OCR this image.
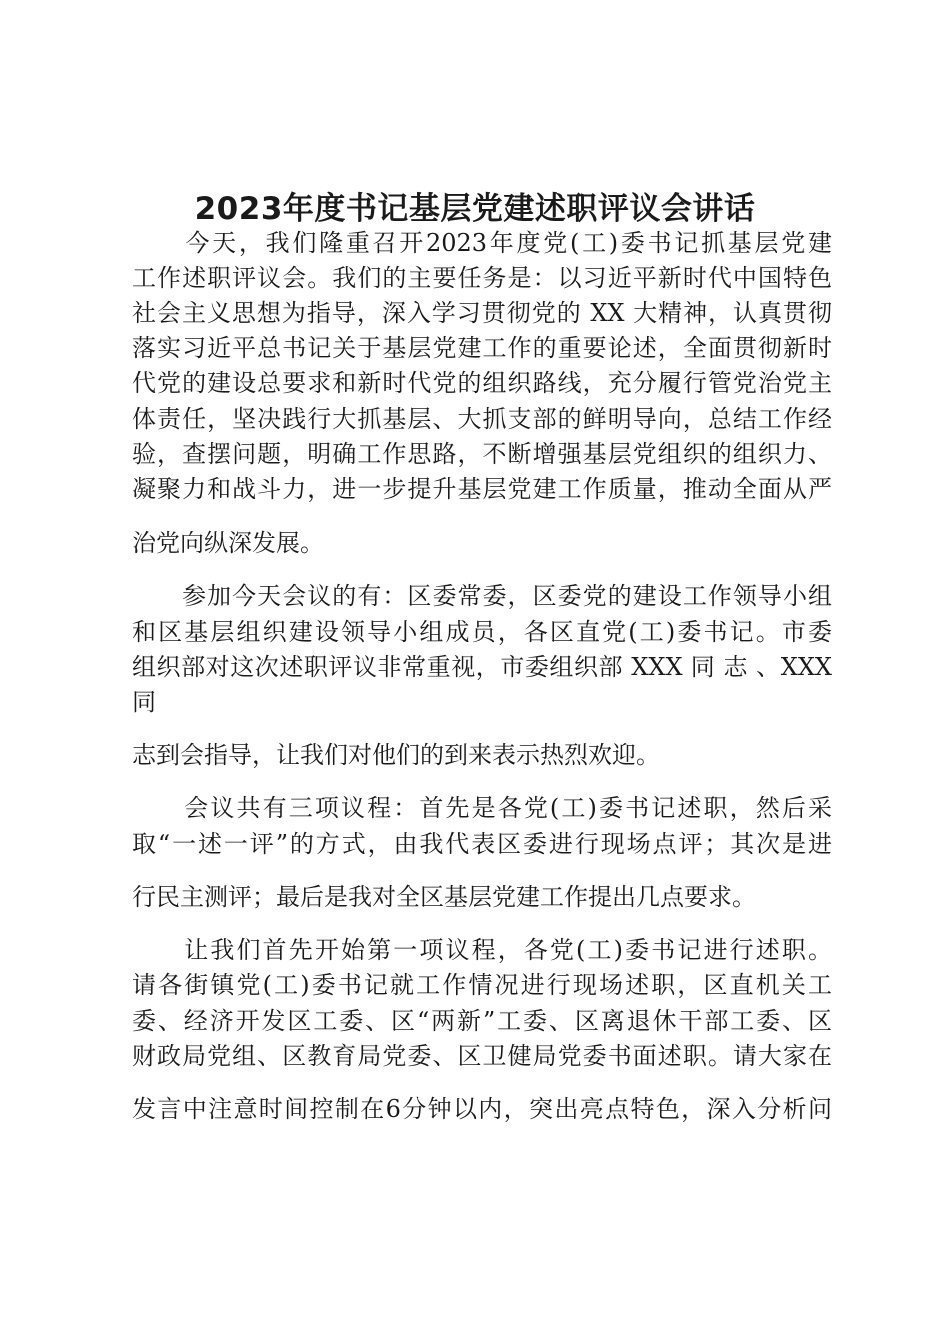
2023年度书记基层党建述职评议会讲话

　　今天，我们隆重召开2023年度党(工)委书记抓基层党建

工作述职评议会。我们的主要任务是：以习近平新时代中国特色

社会主义思想为指导，深入学习贯彻党的 XX 大精神，认真贯彻

落实习近平总书记关于基层党建工作的重要论述，全面贯彻新时

代党的建设总要求和新时代党的组织路线，充分履行管党治党主

体责任，坚决践行大抓基层、大抓支部的鲜明导向，总结工作经

验，查摆问题，明确工作思路，不断增强基层党组织的组织力、

凝聚力和战斗力，进一步提升基层党建工作质量，推动全面从严

治党向纵深发展。

　　参加今天会议的有：区委常委，区委党的建设工作领导小组

和区基层组织建设领导小组成员，各区直党(工)委书记。市委

组织部对这次述职评议非常重视，市委组织部 XXX 同 志 、XXX

同

志到会指导，让我们对他们的到来表示热烈欢迎。

　　会议共有三项议程：首先是各党(工)委书记述职，然后采

取“一述一评”的方式，由我代表区委进行现场点评；其次是进

行民主测评；最后是我对全区基层党建工作提出几点要求。

　　让我们首先开始第一项议程，各党(工)委书记进行述职。

请各街镇党(工)委书记就工作情况进行现场述职，区直机关工

委、经济开发区工委、区“两新”工委、区离退休干部工委、区

财政局党组、区教育局党委、区卫健局党委书面述职。请大家在

发言中注意时间控制在6分钟以内，突出亮点特色，深入分析问
